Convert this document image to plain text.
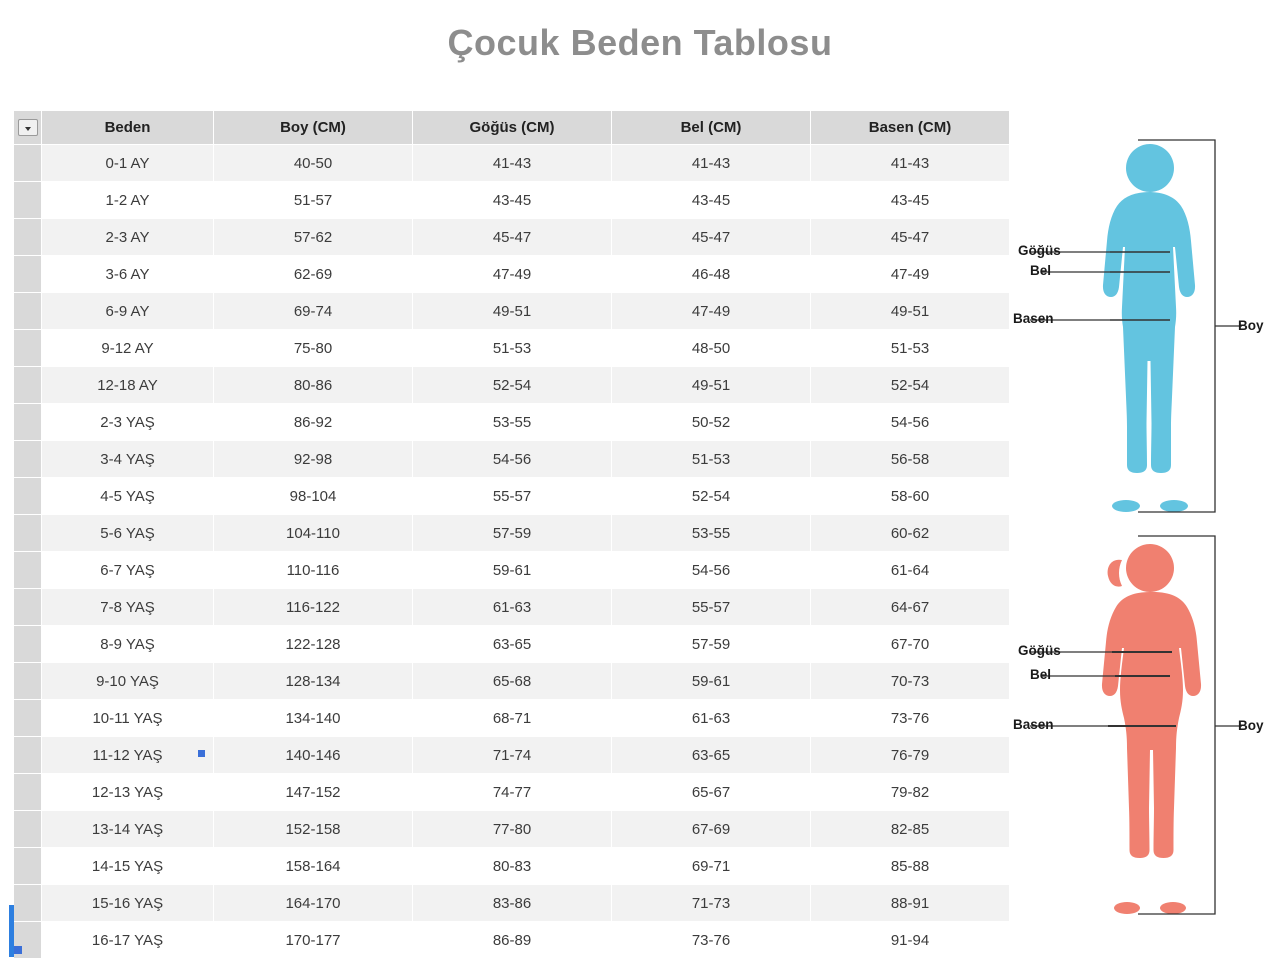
Çocuk Beden Tablosu
	Beden	Boy (CM)	Göğüs (CM)	Bel (CM)	Basen (CM)
	0-1 AY	40-50	41-43	41-43	41-43
	1-2 AY	51-57	43-45	43-45	43-45
	2-3 AY	57-62	45-47	45-47	45-47
	3-6 AY	62-69	47-49	46-48	47-49
	6-9 AY	69-74	49-51	47-49	49-51
	9-12 AY	75-80	51-53	48-50	51-53
	12-18 AY	80-86	52-54	49-51	52-54
	2-3 YAŞ	86-92	53-55	50-52	54-56
	3-4 YAŞ	92-98	54-56	51-53	56-58
	4-5 YAŞ	98-104	55-57	52-54	58-60
	5-6 YAŞ	104-110	57-59	53-55	60-62
	6-7 YAŞ	110-116	59-61	54-56	61-64
	7-8 YAŞ	116-122	61-63	55-57	64-67
	8-9 YAŞ	122-128	63-65	57-59	67-70
	9-10 YAŞ	128-134	65-68	59-61	70-73
	10-11 YAŞ	134-140	68-71	61-63	73-76
	11-12 YAŞ	140-146	71-74	63-65	76-79
	12-13 YAŞ	147-152	74-77	65-67	79-82
	13-14 YAŞ	152-158	77-80	67-69	82-85
	14-15 YAŞ	158-164	80-83	69-71	85-88
	15-16 YAŞ	164-170	83-86	71-73	88-91
	16-17 YAŞ	170-177	86-89	73-76	91-94
Göğüs
Bel
Basen	Boy
Göğüs
Bel
Basen	Boy
